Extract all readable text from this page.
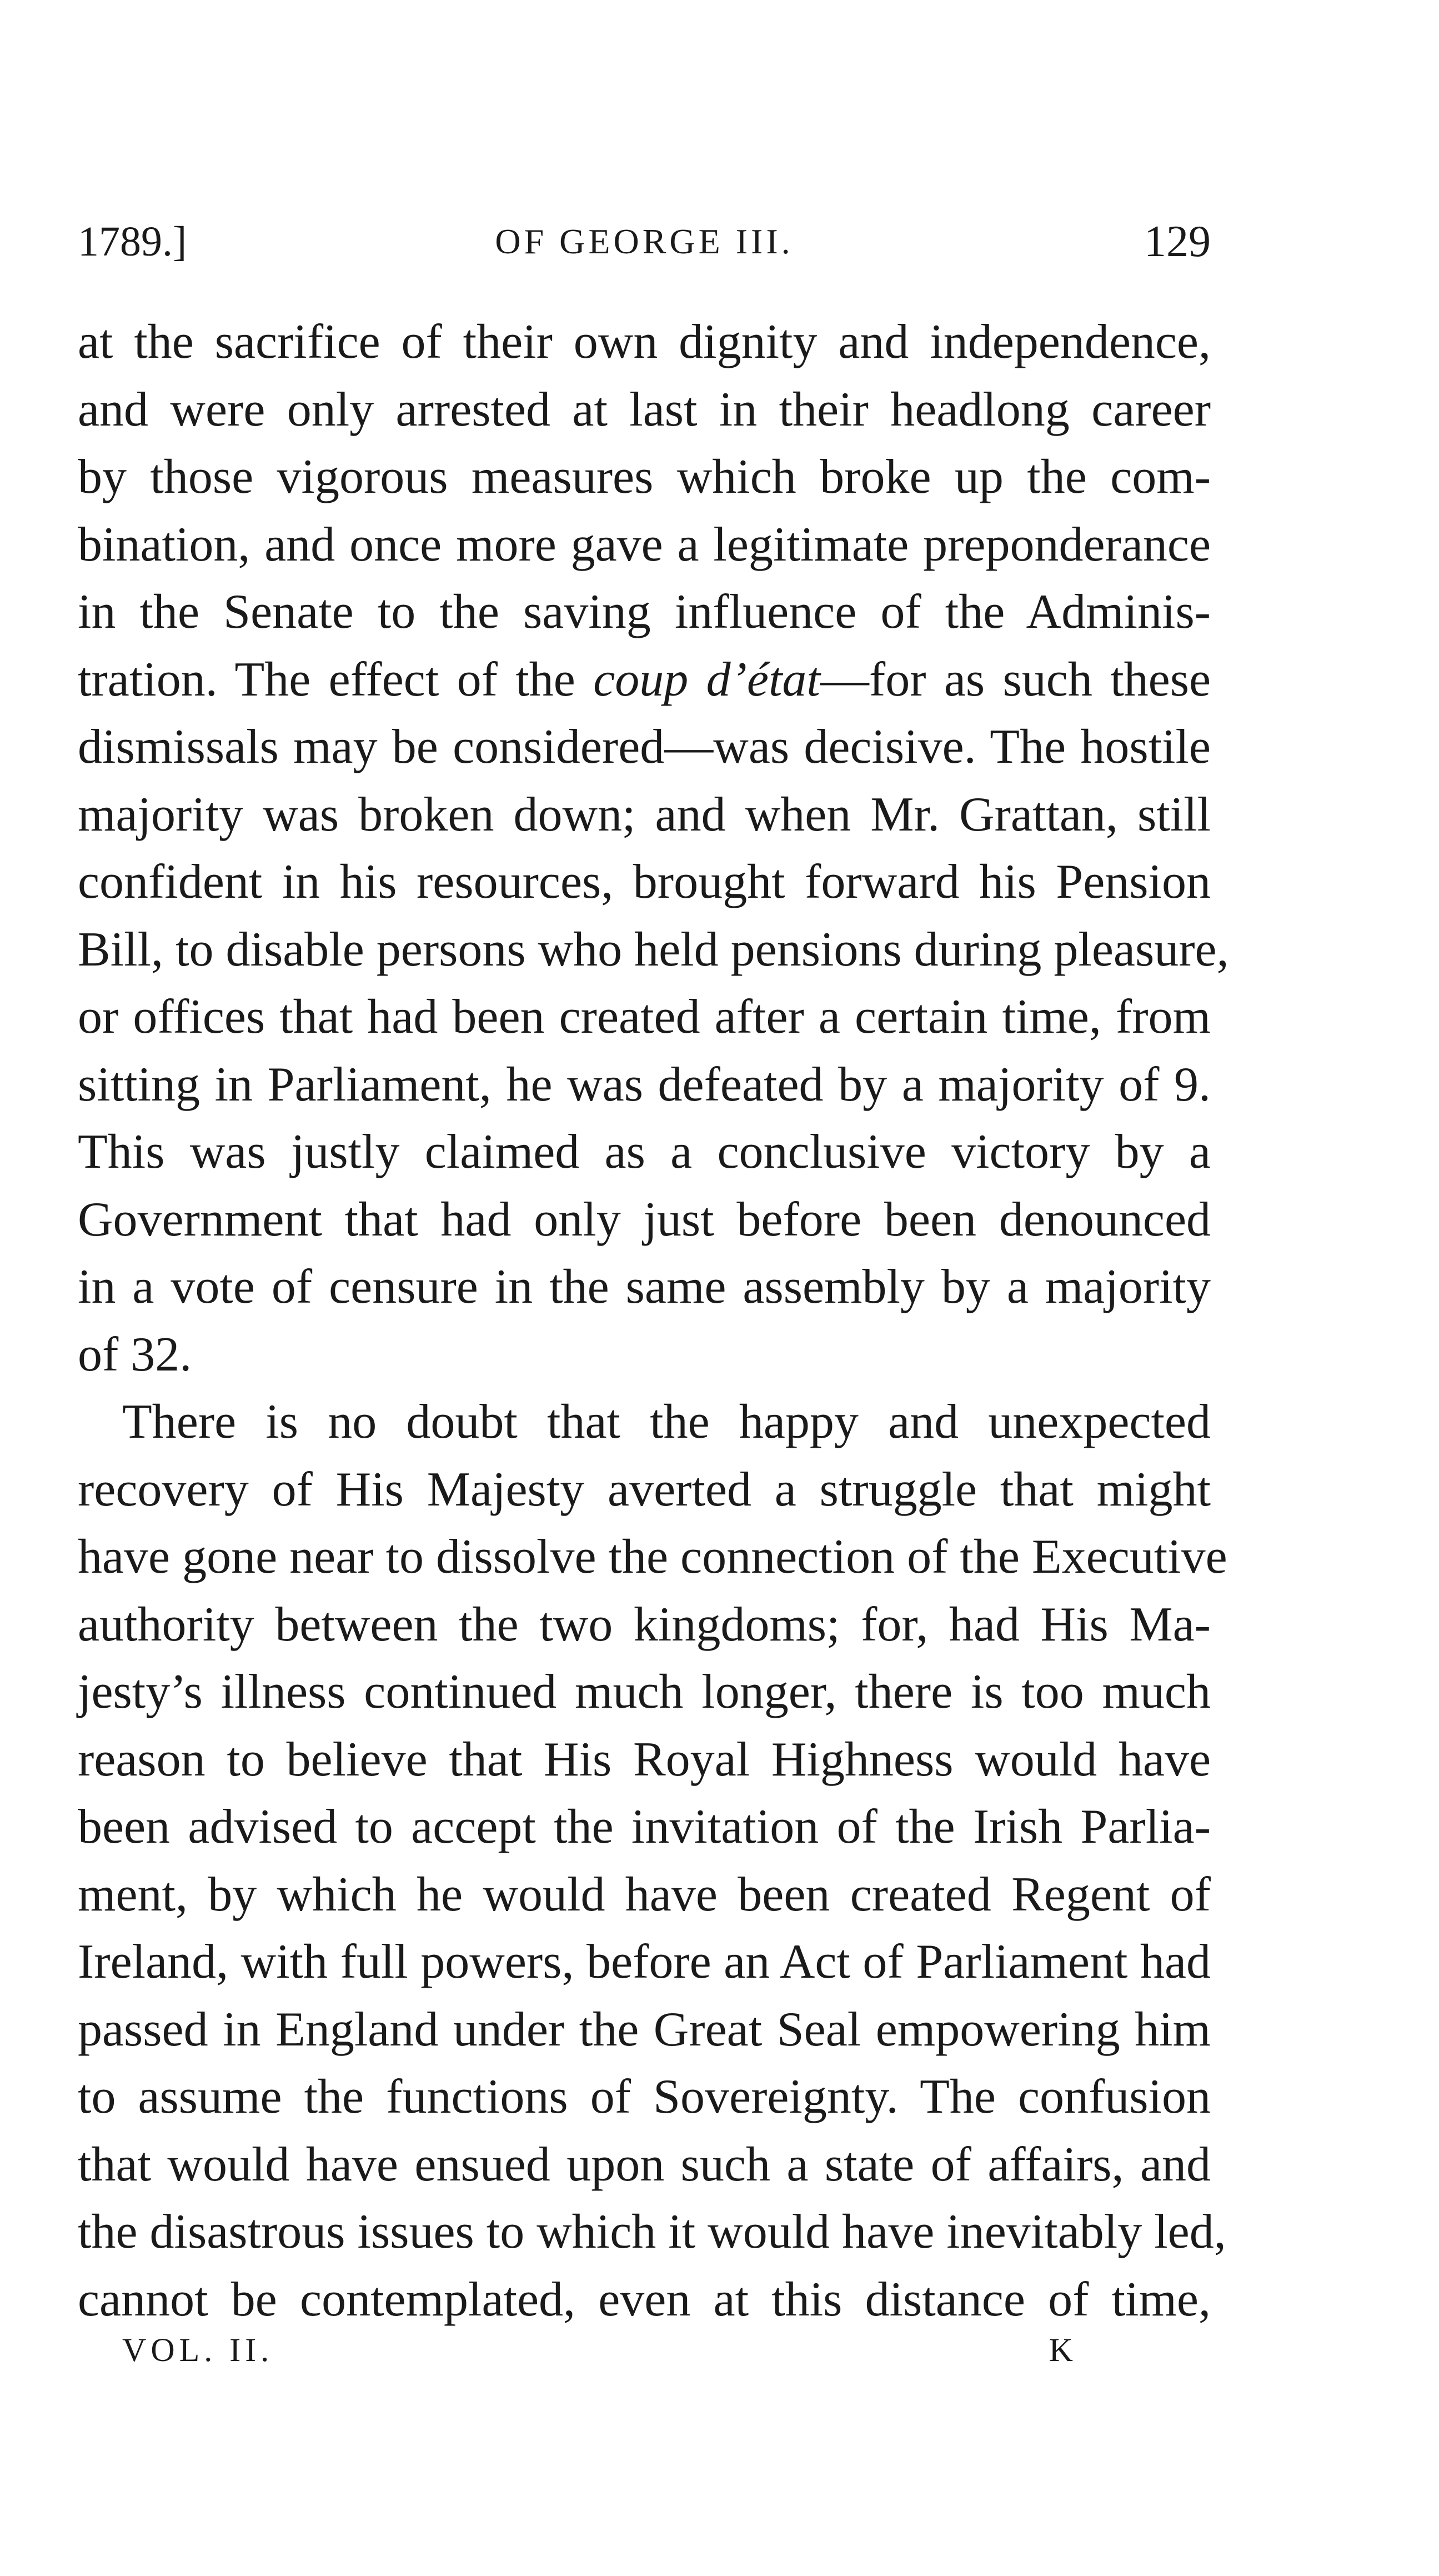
1789.]	OF GEORGE III.	129
at the sacrifice of their own dignity and independence,
and were only arrested at last in their headlong career
by those vigorous measures which broke up the com-
bination, and once more gave a legitimate preponderance
in the Senate to the saving influence of the Adminis-
tration. The effect of the coup d’état—for as such these
dismissals may be considered—was decisive. The hostile
majority was broken down; and when Mr. Grattan, still
confident in his resources, brought forward his Pension
Bill, to disable persons who held pensions during pleasure,
or offices that had been created after a certain time, from
sitting in Parliament, he was defeated by a majority of 9.
This was justly claimed as a conclusive victory by a
Government that had only just before been denounced
in a vote of censure in the same assembly by a majority
of 32.
There is no doubt that the happy and unexpected
recovery of His Majesty averted a struggle that might
have gone near to dissolve the connection of the Executive
authority between the two kingdoms; for, had His Ma-
jesty’s illness continued much longer, there is too much
reason to believe that His Royal Highness would have
been advised to accept the invitation of the Irish Parlia-
ment, by which he would have been created Regent of
Ireland, with full powers, before an Act of Parliament had
passed in England under the Great Seal empowering him
to assume the functions of Sovereignty. The confusion
that would have ensued upon such a state of affairs, and
the disastrous issues to which it would have inevitably led,
cannot be contemplated, even at this distance of time,
VOL. II.	K
